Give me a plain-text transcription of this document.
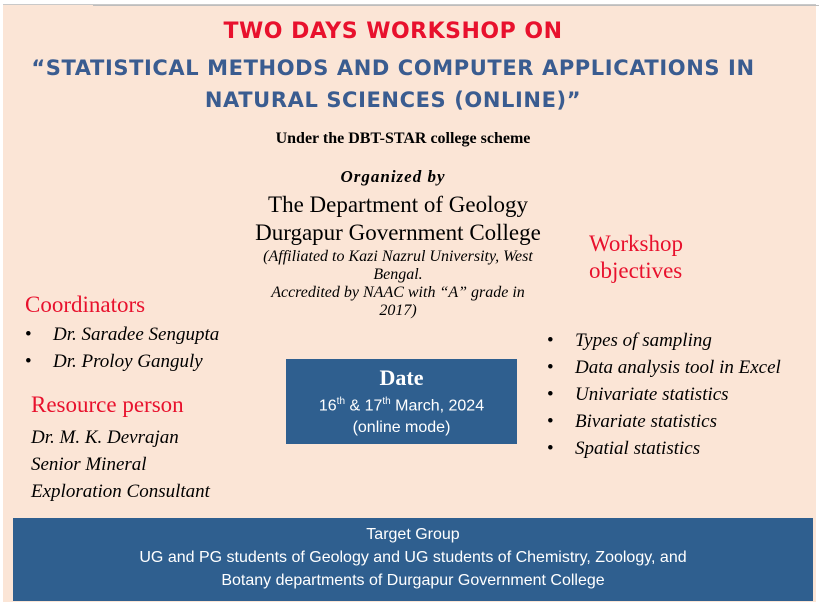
TWO DAYS WORKSHOP ON
“STATISTICAL METHODS AND COMPUTER APPLICATIONS IN
NATURAL SCIENCES (ONLINE)”
Under the DBT-STAR college scheme
Organized by
The Department of Geology
Durgapur Government College
(Affiliated to Kazi Nazrul University, West
Bengal.
Accredited by NAAC with “A” grade in
2017)
Coordinators
• Dr. Saradee Sengupta
• Dr. Proloy Ganguly
Resource person
Dr. M. K. Devrajan
Senior Mineral
Exploration Consultant
Date
16th & 17th March, 2024
(online mode)
Workshop
objectives
• Types of sampling
• Data analysis tool in Excel
• Univariate statistics
• Bivariate statistics
• Spatial statistics
Target Group
UG and PG students of Geology and UG students of Chemistry, Zoology, and
Botany departments of Durgapur Government College
